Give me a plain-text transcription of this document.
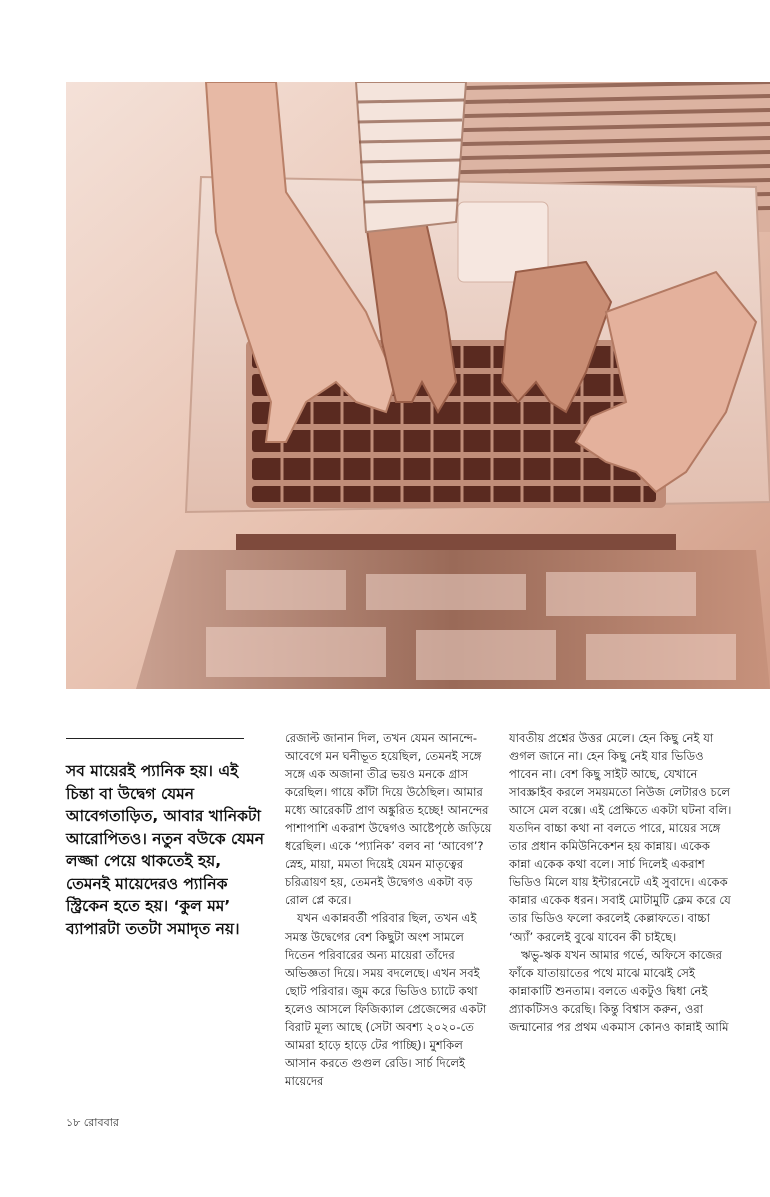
সব মায়েরই প্যানিক হয়। এই চিন্তা বা উদ্বেগ যেমন আবেগতাড়িত, আবার খানিকটা আরোপিতও। নতুন বউকে যেমন লজ্জা পেয়ে থাকতেই হয়, তেমনই মায়েদেরও প্যানিক স্ট্রিকেন হতে হয়। ‘কুল মম’ ব্যাপারটা ততটা সমাদৃত নয়।

রেজাল্ট জানান দিল, তখন যেমন আনন্দে-আবেগে মন ঘনীভূত হয়েছিল, তেমনই সঙ্গে সঙ্গে এক অজানা তীব্র ভয়ও মনকে গ্রাস করেছিল। গায়ে কাঁটা দিয়ে উঠেছিল। আমার মধ্যে আরেকটি প্রাণ অঙ্কুরিত হচ্ছে! আনন্দের পাশাপাশি একরাশ উদ্বেগও আষ্টেপৃষ্ঠে জড়িয়ে ধরেছিল। একে ‘প্যানিক’ বলব না ‘আবেগ’? স্নেহ, মায়া, মমতা দিয়েই যেমন মাতৃত্বের চরিত্রায়ণ হয়, তেমনই উদ্বেগও একটা বড় রোল প্লে করে।

যখন একান্নবর্তী পরিবার ছিল, তখন এই সমস্ত উদ্বেগের বেশ কিছুটা অংশ সামলে দিতেন পরিবারের অন্য মায়েরা তাঁদের অভিজ্ঞতা দিয়ে। সময় বদলেছে। এখন সবই ছোট পরিবার। জুম করে ভিডিও চ্যাটে কথা হলেও আসলে ফিজিক্যাল প্রেজেন্সের একটা বিরাট মূল্য আছে (সেটা অবশ্য ২০২০-তে আমরা হাড়ে হাড়ে টের পাচ্ছি)। মুশকিল আসান করতে গুগুল রেডি। সার্চ দিলেই মায়েদের

যাবতীয় প্রশ্নের উত্তর মেলে। হেন কিছু নেই যা গুগল জানে না। হেন কিছু নেই যার ভিডিও পাবেন না। বেশ কিছু সাইট আছে, যেখানে সাবস্ক্রাইব করলে সময়মতো নিউজ লেটারও চলে আসে মেল বক্সে। এই প্রেক্ষিতে একটা ঘটনা বলি। যতদিন বাচ্চা কথা না বলতে পারে, মায়ের সঙ্গে তার প্রধান কমিউনিকেশন হয় কান্নায়। একেক কান্না একেক কথা বলে। সার্চ দিলেই একরাশ ভিডিও মিলে যায় ইন্টারনেটে এই সুবাদে। একেক কান্নার একেক ধরন। সবাই মোটামুটি ক্লেম করে যে তার ভিডিও ফলো করলেই কেল্লাফতে। বাচ্চা ‘অ্যাঁ’ করলেই বুঝে যাবেন কী চাইছে।

ঋভু-ঋক যখন আমার গর্ভে, অফিসে কাজের ফাঁকে যাতায়াতের পথে মাঝে মাঝেই সেই কান্নাকাটি শুনতাম। বলতে একটুও দ্বিধা নেই প্র্যাকটিসও করেছি। কিন্তু বিশ্বাস করুন, ওরা জন্মানোর পর প্রথম একমাস কোনও কান্নাই আমি

১৮ রোববার
